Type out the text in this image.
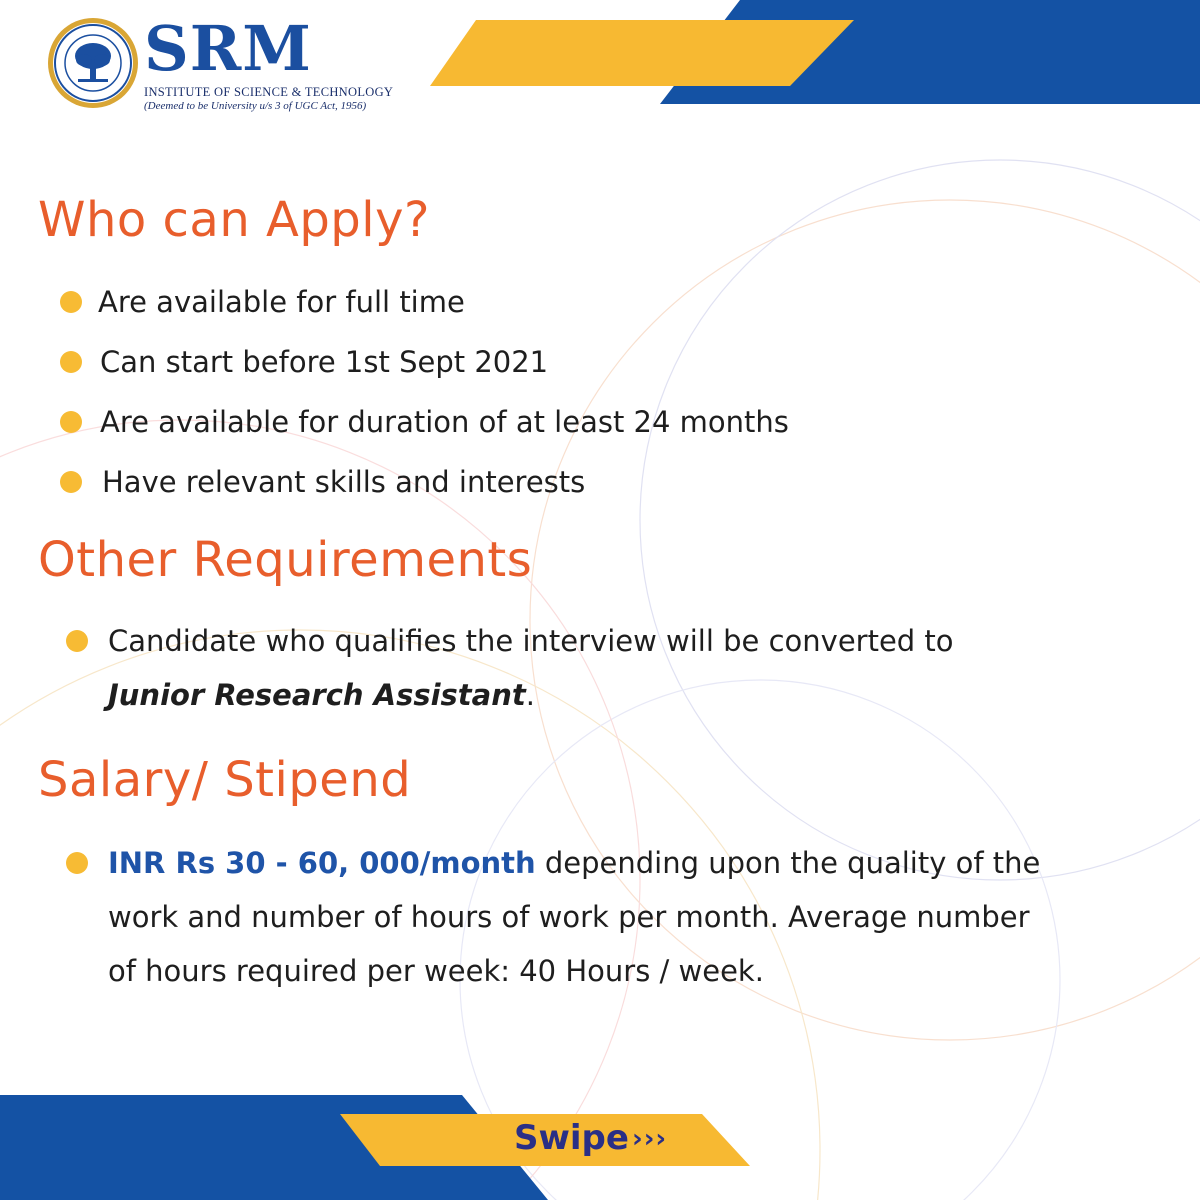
SRM
INSTITUTE OF SCIENCE & TECHNOLOGY
(Deemed to be University u/s 3 of UGC Act, 1956)
Who can Apply?
Are available for full time
Can start before 1st Sept 2021
Are available for duration of at least 24 months
Have relevant skills and interests
Other Requirements
Candidate who qualifies the interview will be converted to
Junior Research Assistant.
Salary/ Stipend
INR Rs 30 - 60, 000/month depending upon the quality of the
work and number of hours of work per month. Average number
of hours required per week: 40 Hours / week.
Swipe ›››
